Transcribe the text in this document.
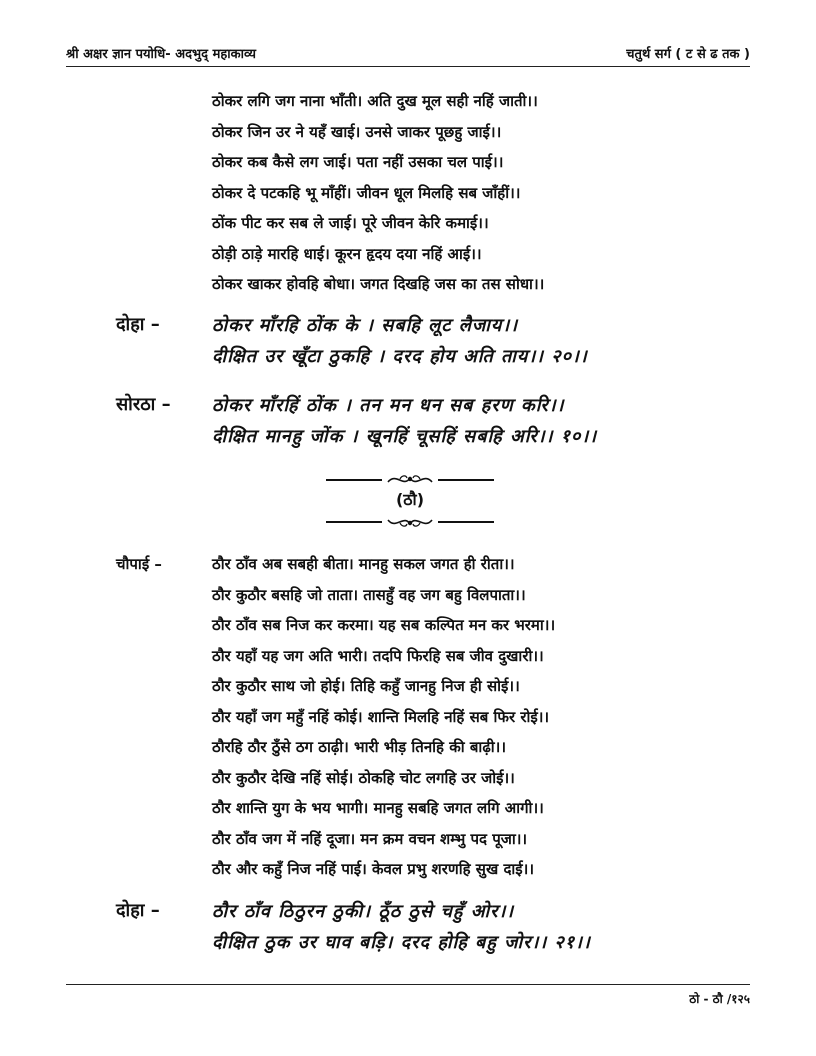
श्री अक्षर ज्ञान पयोधि- अदभुद् महाकाव्य	चतुर्थ सर्ग ( ट से ढ तक )
ठोकर लगि जग नाना भाँती। अति दुख मूल सही नहिं जाती।।
ठोकर जिन उर ने यहँ खाई। उनसे जाकर पूछहु जाई।।
ठोकर कब कैसे लग जाई। पता नहीं उसका चल पाई।।
ठोकर दे पटकहि भू माँहीं। जीवन धूल मिलहि सब जाँहीं।।
ठोंक पीट कर सब ले जाई। पूरे जीवन केरि कमाई।।
ठोड़ी ठाड़े मारहि धाई। कूरन हृदय दया नहिं आई।।
ठोकर खाकर होवहि बोधा। जगत दिखहि जस का तस सोधा।।
दोहा –	ठोकर माँरहि ठोंक के । सबहि लूट लैजाय।।
दीक्षित उर खूँटा ठुकहि । दरद होय अति ताय।। २०।।
सोरठा – ठोकर माँरहिं ठोंक । तन मन धन सब हरण करि।।
दीक्षित मानहु जोंक । खूनहिं चूसहिं सबहि अरि।। १०।।
(ठौ)
चौपाई –	ठौर ठाँव अब सबही बीता। मानहु सकल जगत ही रीता।।
ठौर कुठौर बसहि जो ताता। तासहुँ वह जग बहु विलपाता।।
ठौर ठाँव सब निज कर करमा। यह सब कल्पित मन कर भरमा।।
ठौर यहाँ यह जग अति भारी। तदपि फिरहि सब जीव दुखारी।।
ठौर कुठौर साथ जो होई। तिहि कहुँ जानहु निज ही सोई।।
ठौर यहाँ जग महुँ नहिं कोई। शान्ति मिलहि नहिं सब फिर रोई।।
ठौरहि ठौर ठुँसे ठग ठाढ़ी। भारी भीड़ तिनहि की बाढ़ी।।
ठौर कुठौर देखि नहिं सोई। ठोकहि चोट लगहि उर जोई।।
ठौर शान्ति युग के भय भागी। मानहु सबहि जगत लगि आगी।।
ठौर ठाँव जग में नहिं दूजा। मन क्रम वचन शम्भु पद पूजा।।
ठौर और कहुँ निज नहिं पाई। केवल प्रभु शरणहि सुख दाई।।
दोहा –	ठौर ठाँव ठिठुरन ठुकी। ठूँठ ठुसे चहुँ ओर।।
दीक्षित ठुक उर घाव बड़ि। दरद होहि बहु जोर।। २१।।
ठो - ठौ /१२५
